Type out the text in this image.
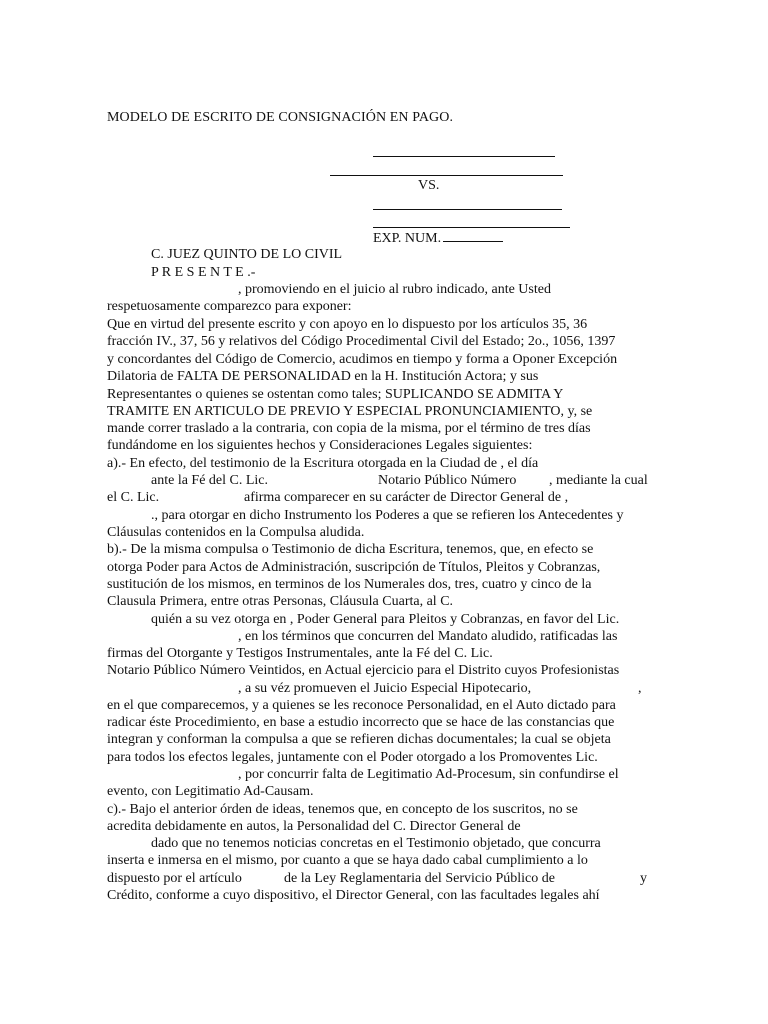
MODELO DE ESCRITO DE CONSIGNACIÓN EN PAGO.
VS.
EXP. NUM.
C. JUEZ QUINTO DE LO CIVIL
P R E S E N T E .-
, promoviendo en el juicio al rubro indicado, ante Usted
respetuosamente comparezco para exponer:
Que en virtud del presente escrito y con apoyo en lo dispuesto por los artículos 35, 36
fracción IV., 37, 56 y relativos del Código Procedimental Civil del Estado; 2o., 1056, 1397
y concordantes del Código de Comercio, acudimos en tiempo y forma a Oponer Excepción
Dilatoria de FALTA DE PERSONALIDAD en la H. Institución Actora; y sus
Representantes o quienes se ostentan como tales; SUPLICANDO SE ADMITA Y
TRAMITE EN ARTICULO DE PREVIO Y ESPECIAL PRONUNCIAMIENTO, y, se
mande correr traslado a la contraria, con copia de la misma, por el término de tres días
fundándome en los siguientes hechos y Consideraciones Legales siguientes:
a).- En efecto, del testimonio de la Escritura otorgada en la Ciudad de , el día
ante la Fé del C. Lic.	Notario Público Número , mediante la cual
el C. Lic.	afirma comparecer en su carácter de Director General de ,
., para otorgar en dicho Instrumento los Poderes a que se refieren los Antecedentes y
Cláusulas contenidos en la Compulsa aludida.
b).- De la misma compulsa o Testimonio de dicha Escritura, tenemos, que, en efecto se
otorga Poder para Actos de Administración, suscripción de Títulos, Pleitos y Cobranzas,
sustitución de los mismos, en terminos de los Numerales dos, tres, cuatro y cinco de la
Clausula Primera, entre otras Personas, Cláusula Cuarta, al C.
quién a su vez otorga en , Poder General para Pleitos y Cobranzas, en favor del Lic.
, en los términos que concurren del Mandato aludido, ratificadas las
firmas del Otorgante y Testigos Instrumentales, ante la Fé del C. Lic.
Notario Público Número Veintidos, en Actual ejercicio para el Distrito cuyos Profesionistas
, a su véz promueven el Juicio Especial Hipotecario,	,
en el que comparecemos, y a quienes se les reconoce Personalidad, en el Auto dictado para
radicar éste Procedimiento, en base a estudio incorrecto que se hace de las constancias que
integran y conforman la compulsa a que se refieren dichas documentales; la cual se objeta
para todos los efectos legales, juntamente con el Poder otorgado a los Promoventes Lic.
, por concurrir falta de Legitimatio Ad-Procesum, sin confundirse el
evento, con Legitimatio Ad-Causam.
c).- Bajo el anterior órden de ideas, tenemos que, en concepto de los suscritos, no se
acredita debidamente en autos, la Personalidad del C. Director General de
dado que no tenemos noticias concretas en el Testimonio objetado, que concurra
inserta e inmersa en el mismo, por cuanto a que se haya dado cabal cumplimiento a lo
dispuesto por el artículo	de la Ley Reglamentaria del Servicio Público de	y
Crédito, conforme a cuyo dispositivo, el Director General, con las facultades legales ahí
